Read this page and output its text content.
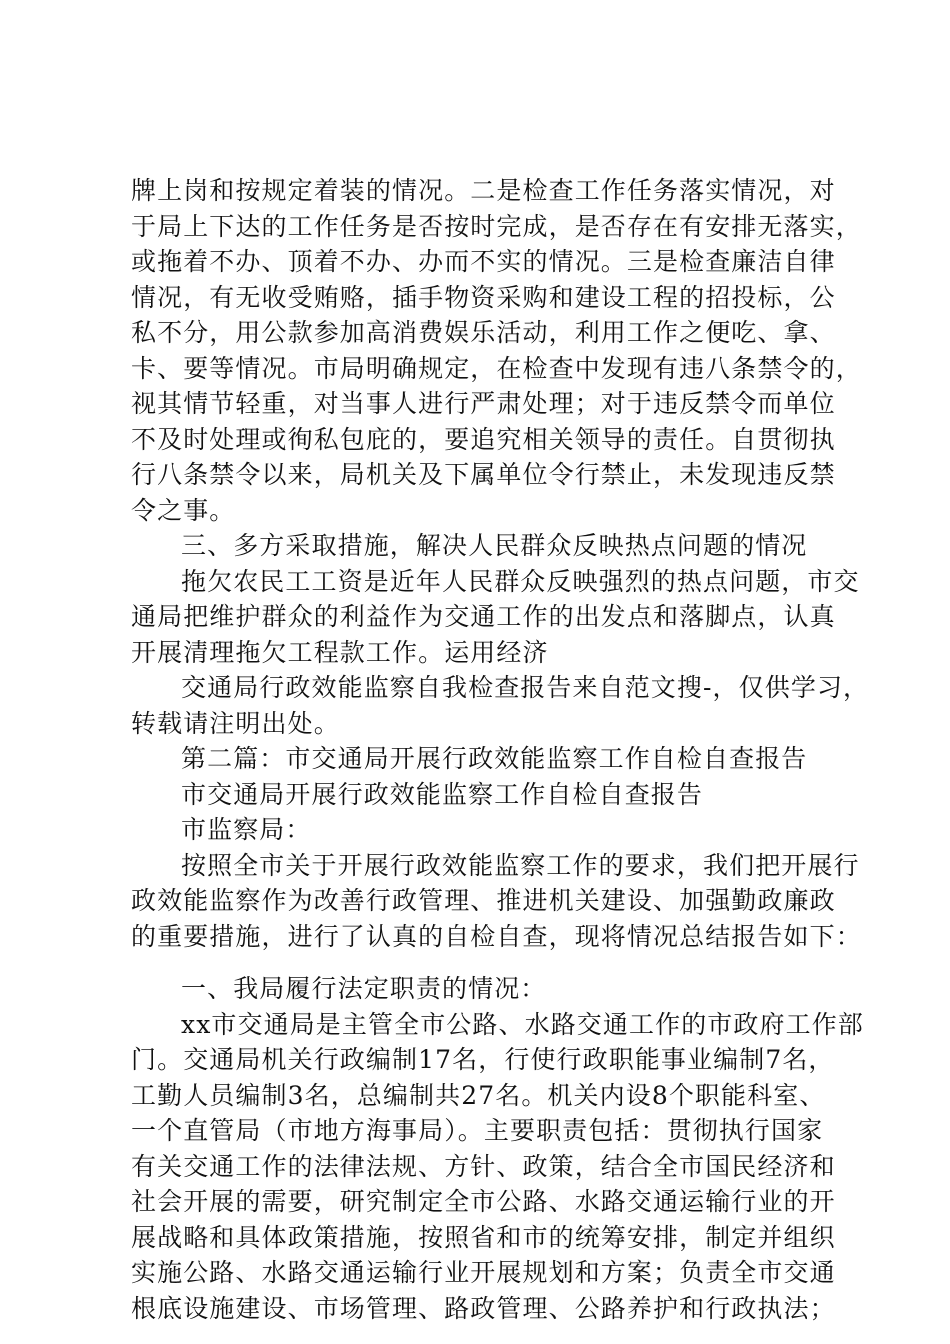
牌上岗和按规定着装的情况。二是检查工作任务落实情况，对
于局上下达的工作任务是否按时完成，是否存在有安排无落实，
或拖着不办、顶着不办、办而不实的情况。三是检查廉洁自律
情况，有无收受贿赂，插手物资采购和建设工程的招投标，公
私不分，用公款参加高消费娱乐活动，利用工作之便吃、拿、
卡、要等情况。市局明确规定，在检查中发现有违八条禁令的，
视其情节轻重，对当事人进行严肃处理；对于违反禁令而单位
不及时处理或徇私包庇的，要追究相关领导的责任。自贯彻执
行八条禁令以来，局机关及下属单位令行禁止，未发现违反禁
令之事。
三、多方采取措施，解决人民群众反映热点问题的情况
拖欠农民工工资是近年人民群众反映强烈的热点问题，市交
通局把维护群众的利益作为交通工作的出发点和落脚点，认真
开展清理拖欠工程款工作。运用经济
交通局行政效能监察自我检查报告来自范文搜-，仅供学习，
转载请注明出处。
第二篇：市交通局开展行政效能监察工作自检自查报告
市交通局开展行政效能监察工作自检自查报告
市监察局：
按照全市关于开展行政效能监察工作的要求，我们把开展行
政效能监察作为改善行政管理、推进机关建设、加强勤政廉政
的重要措施，进行了认真的自检自查，现将情况总结报告如下：
一、我局履行法定职责的情况：
xx市交通局是主管全市公路、水路交通工作的市政府工作部
门。交通局机关行政编制17名，行使行政职能事业编制7名，
工勤人员编制3名，总编制共27名。机关内设8个职能科室、
一个直管局（市地方海事局）。主要职责包括：贯彻执行国家
有关交通工作的法律法规、方针、政策，结合全市国民经济和
社会开展的需要，研究制定全市公路、水路交通运输行业的开
展战略和具体政策措施，按照省和市的统筹安排，制定并组织
实施公路、水路交通运输行业开展规划和方案；负责全市交通
根底设施建设、市场管理、路政管理、公路养护和行政执法；
